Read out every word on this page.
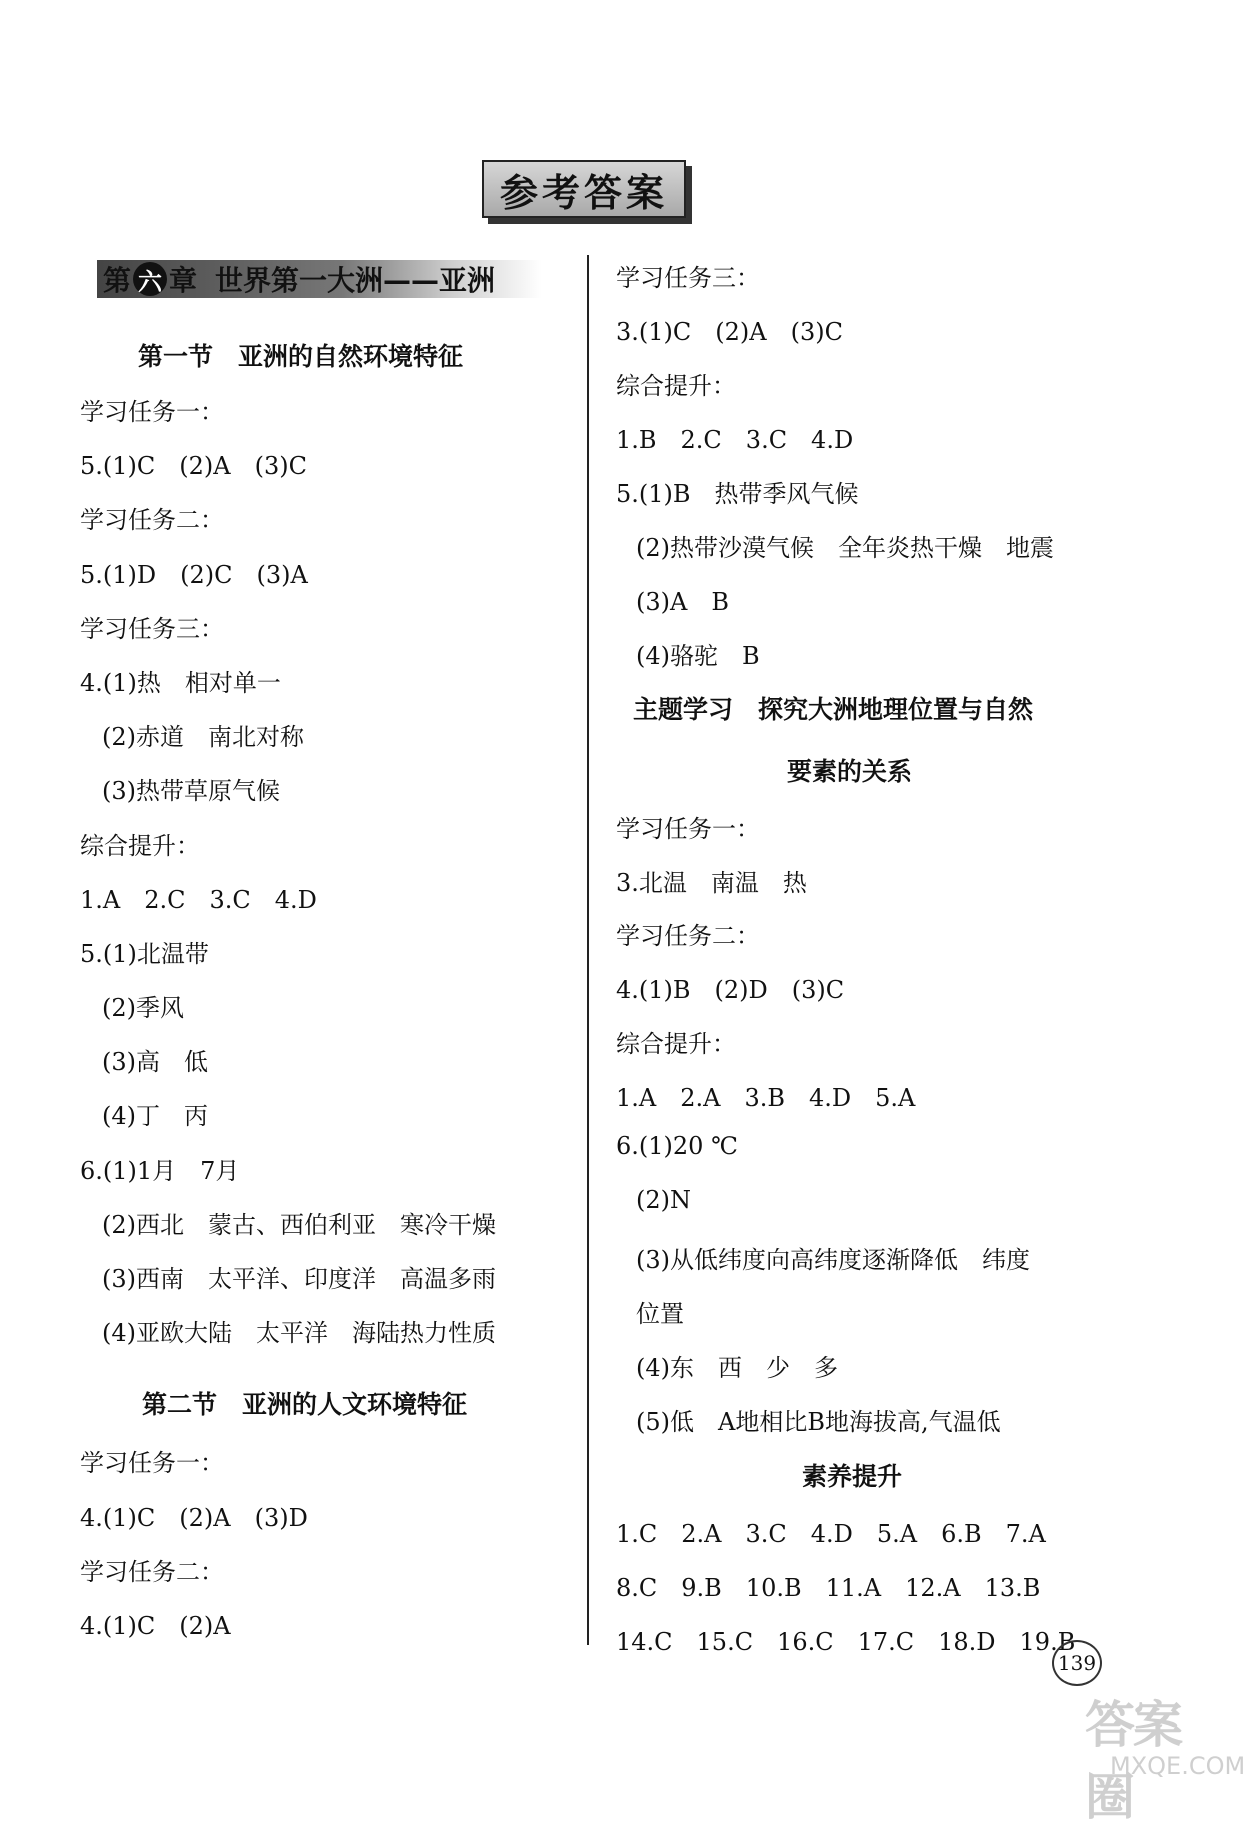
参考答案
第 六 章 世界第一大洲——亚洲
第一节　亚洲的自然环境特征
学习任务一：
5.(1)C　(2)A　(3)C
学习任务二：
5.(1)D　(2)C　(3)A
学习任务三：
4.(1)热　相对单一
(2)赤道　南北对称
(3)热带草原气候
综合提升：
1.A　2.C　3.C　4.D
5.(1)北温带
(2)季风
(3)高　低
(4)丁　丙
6.(1)1月　7月
(2)西北　蒙古、西伯利亚　寒冷干燥
(3)西南　太平洋、印度洋　高温多雨
(4)亚欧大陆　太平洋　海陆热力性质
第二节　亚洲的人文环境特征
学习任务一：
4.(1)C　(2)A　(3)D
学习任务二：
4.(1)C　(2)A
学习任务三：
3.(1)C　(2)A　(3)C
综合提升：
1.B　2.C　3.C　4.D
5.(1)B　热带季风气候
(2)热带沙漠气候　全年炎热干燥　地震
(3)A　B
(4)骆驼　B
主题学习　探究大洲地理位置与自然
要素的关系
学习任务一：
3.北温　南温　热
学习任务二：
4.(1)B　(2)D　(3)C
综合提升：
1.A　2.A　3.B　4.D　5.A
6.(1)20 ℃
(2)N
(3)从低纬度向高纬度逐渐降低　纬度
位置
(4)东　西　少　多
(5)低　A地相比B地海拔高,气温低
素养提升
1.C　2.A　3.C　4.D　5.A　6.B　7.A
8.C　9.B　10.B　11.A　12.A　13.B
14.C　15.C　16.C　17.C　18.D　19.B
139
答案圈
MXQE.COM
